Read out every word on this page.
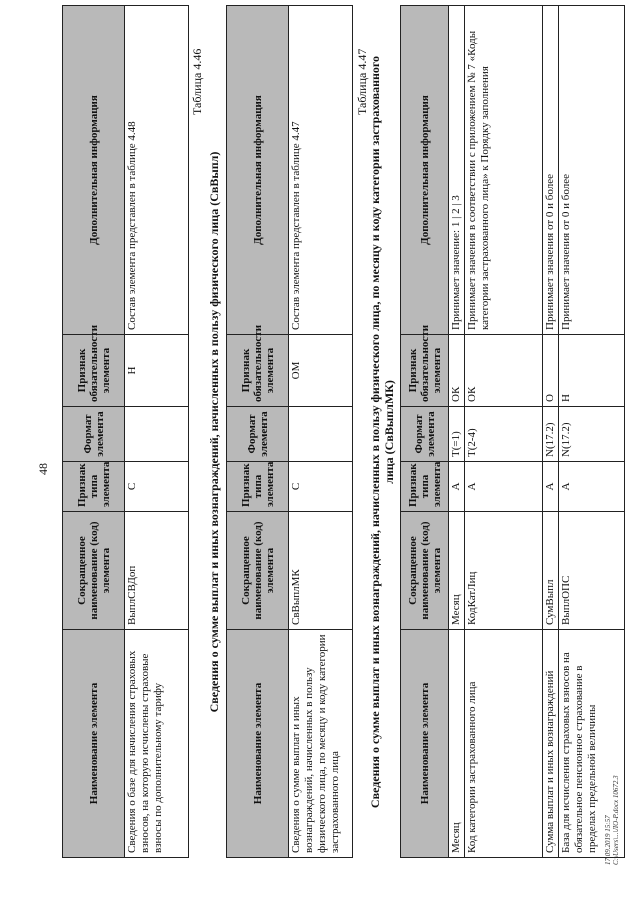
48
Наименование элемента	Сокращенное наименование (код) элемента	Признак типа элемента	Формат элемента	Признак обязательности элемента	Дополнительная информация
Сведения о базе для начисления страховых взносов, на которую исчислены страховые взносы по дополнительному тарифу	ВыплСВДоп	С		Н	Состав элемента представлен в таблице 4.48
Таблица 4.46
Сведения о сумме выплат и иных вознаграждений, начисленных в пользу физического лица (СвВыпл)
Наименование элемента	Сокращенное наименование (код) элемента	Признак типа элемента	Формат элемента	Признак обязательности элемента	Дополнительная информация
Сведения о сумме выплат и иных вознаграждений, начисленных в пользу физического лица, по месяцу и коду категории застрахованного лица	СвВыплМК	С		ОМ	Состав элемента представлен в таблице 4.47
Таблица 4.47 Сведения о сумме выплат и иных вознаграждений, начисленных в пользу физического лица, по месяцу и коду категории застрахованного лица (СвВыплМК)
Наименование элемента	Сокращенное наименование (код) элемента	Признак типа элемента	Формат элемента	Признак обязательности элемента	Дополнительная информация
Месяц	Месяц	А	T(=1)	ОК	Принимает значение: 1 | 2 | 3
Код категории застрахованного лица	КодКатЛиц	А	T(2-4)	ОК	Принимает значения в соответствии с приложением № 7 «Коды категории застрахованного лица» к Порядку заполнения
Сумма выплат и иных вознаграждений	СумВыпл	А	N(17.2)	О	Принимает значения от 0 и более
База для исчисления страховых взносов на обязательное пенсионное страхование в пределах предельной величины	ВыплОПС	А	N(17.2)	Н	Принимает значения от 0 и более
17.09.2019 15:57 С:\Users\...\ЛО-Р.docx 10672.3
